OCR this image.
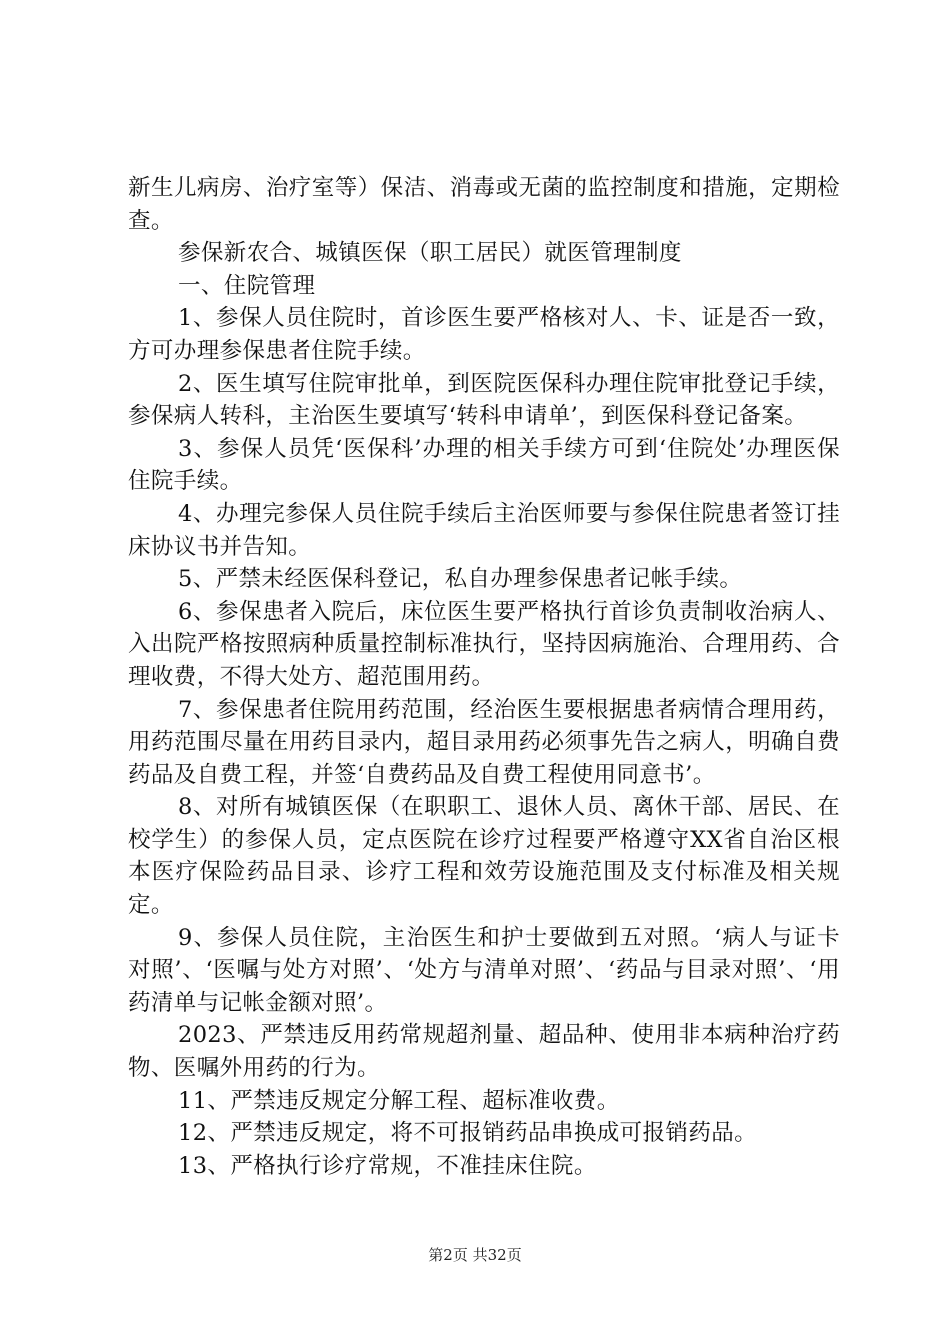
新生儿病房、治疗室等）保洁、消毒或无菌的监控制度和措施，定期检查。

参保新农合、城镇医保（职工居民）就医管理制度

一、住院管理

1、参保人员住院时，首诊医生要严格核对人、卡、证是否一致，方可办理参保患者住院手续。

2、医生填写住院审批单，到医院医保科办理住院审批登记手续，参保病人转科，主治医生要填写‘转科申请单’，到医保科登记备案。

3、参保人员凭‘医保科’办理的相关手续方可到‘住院处’办理医保住院手续。

4、办理完参保人员住院手续后主治医师要与参保住院患者签订挂床协议书并告知。

5、严禁未经医保科登记，私自办理参保患者记帐手续。

6、参保患者入院后，床位医生要严格执行首诊负责制收治病人、入出院严格按照病种质量控制标准执行，坚持因病施治、合理用药、合理收费，不得大处方、超范围用药。

7、参保患者住院用药范围，经治医生要根据患者病情合理用药，用药范围尽量在用药目录内，超目录用药必须事先告之病人，明确自费药品及自费工程，并签‘自费药品及自费工程使用同意书’。

8、对所有城镇医保（在职职工、退休人员、离休干部、居民、在校学生）的参保人员，定点医院在诊疗过程要严格遵守XX省自治区根本医疗保险药品目录、诊疗工程和效劳设施范围及支付标准及相关规定。

9、参保人员住院，主治医生和护士要做到五对照。‘病人与证卡对照’、‘医嘱与处方对照’、‘处方与清单对照’、‘药品与目录对照’、‘用药清单与记帐金额对照’。

2023、严禁违反用药常规超剂量、超品种、使用非本病种治疗药物、医嘱外用药的行为。

11、严禁违反规定分解工程、超标准收费。

12、严禁违反规定，将不可报销药品串换成可报销药品。

13、严格执行诊疗常规，不准挂床住院。

第2页 共32页
